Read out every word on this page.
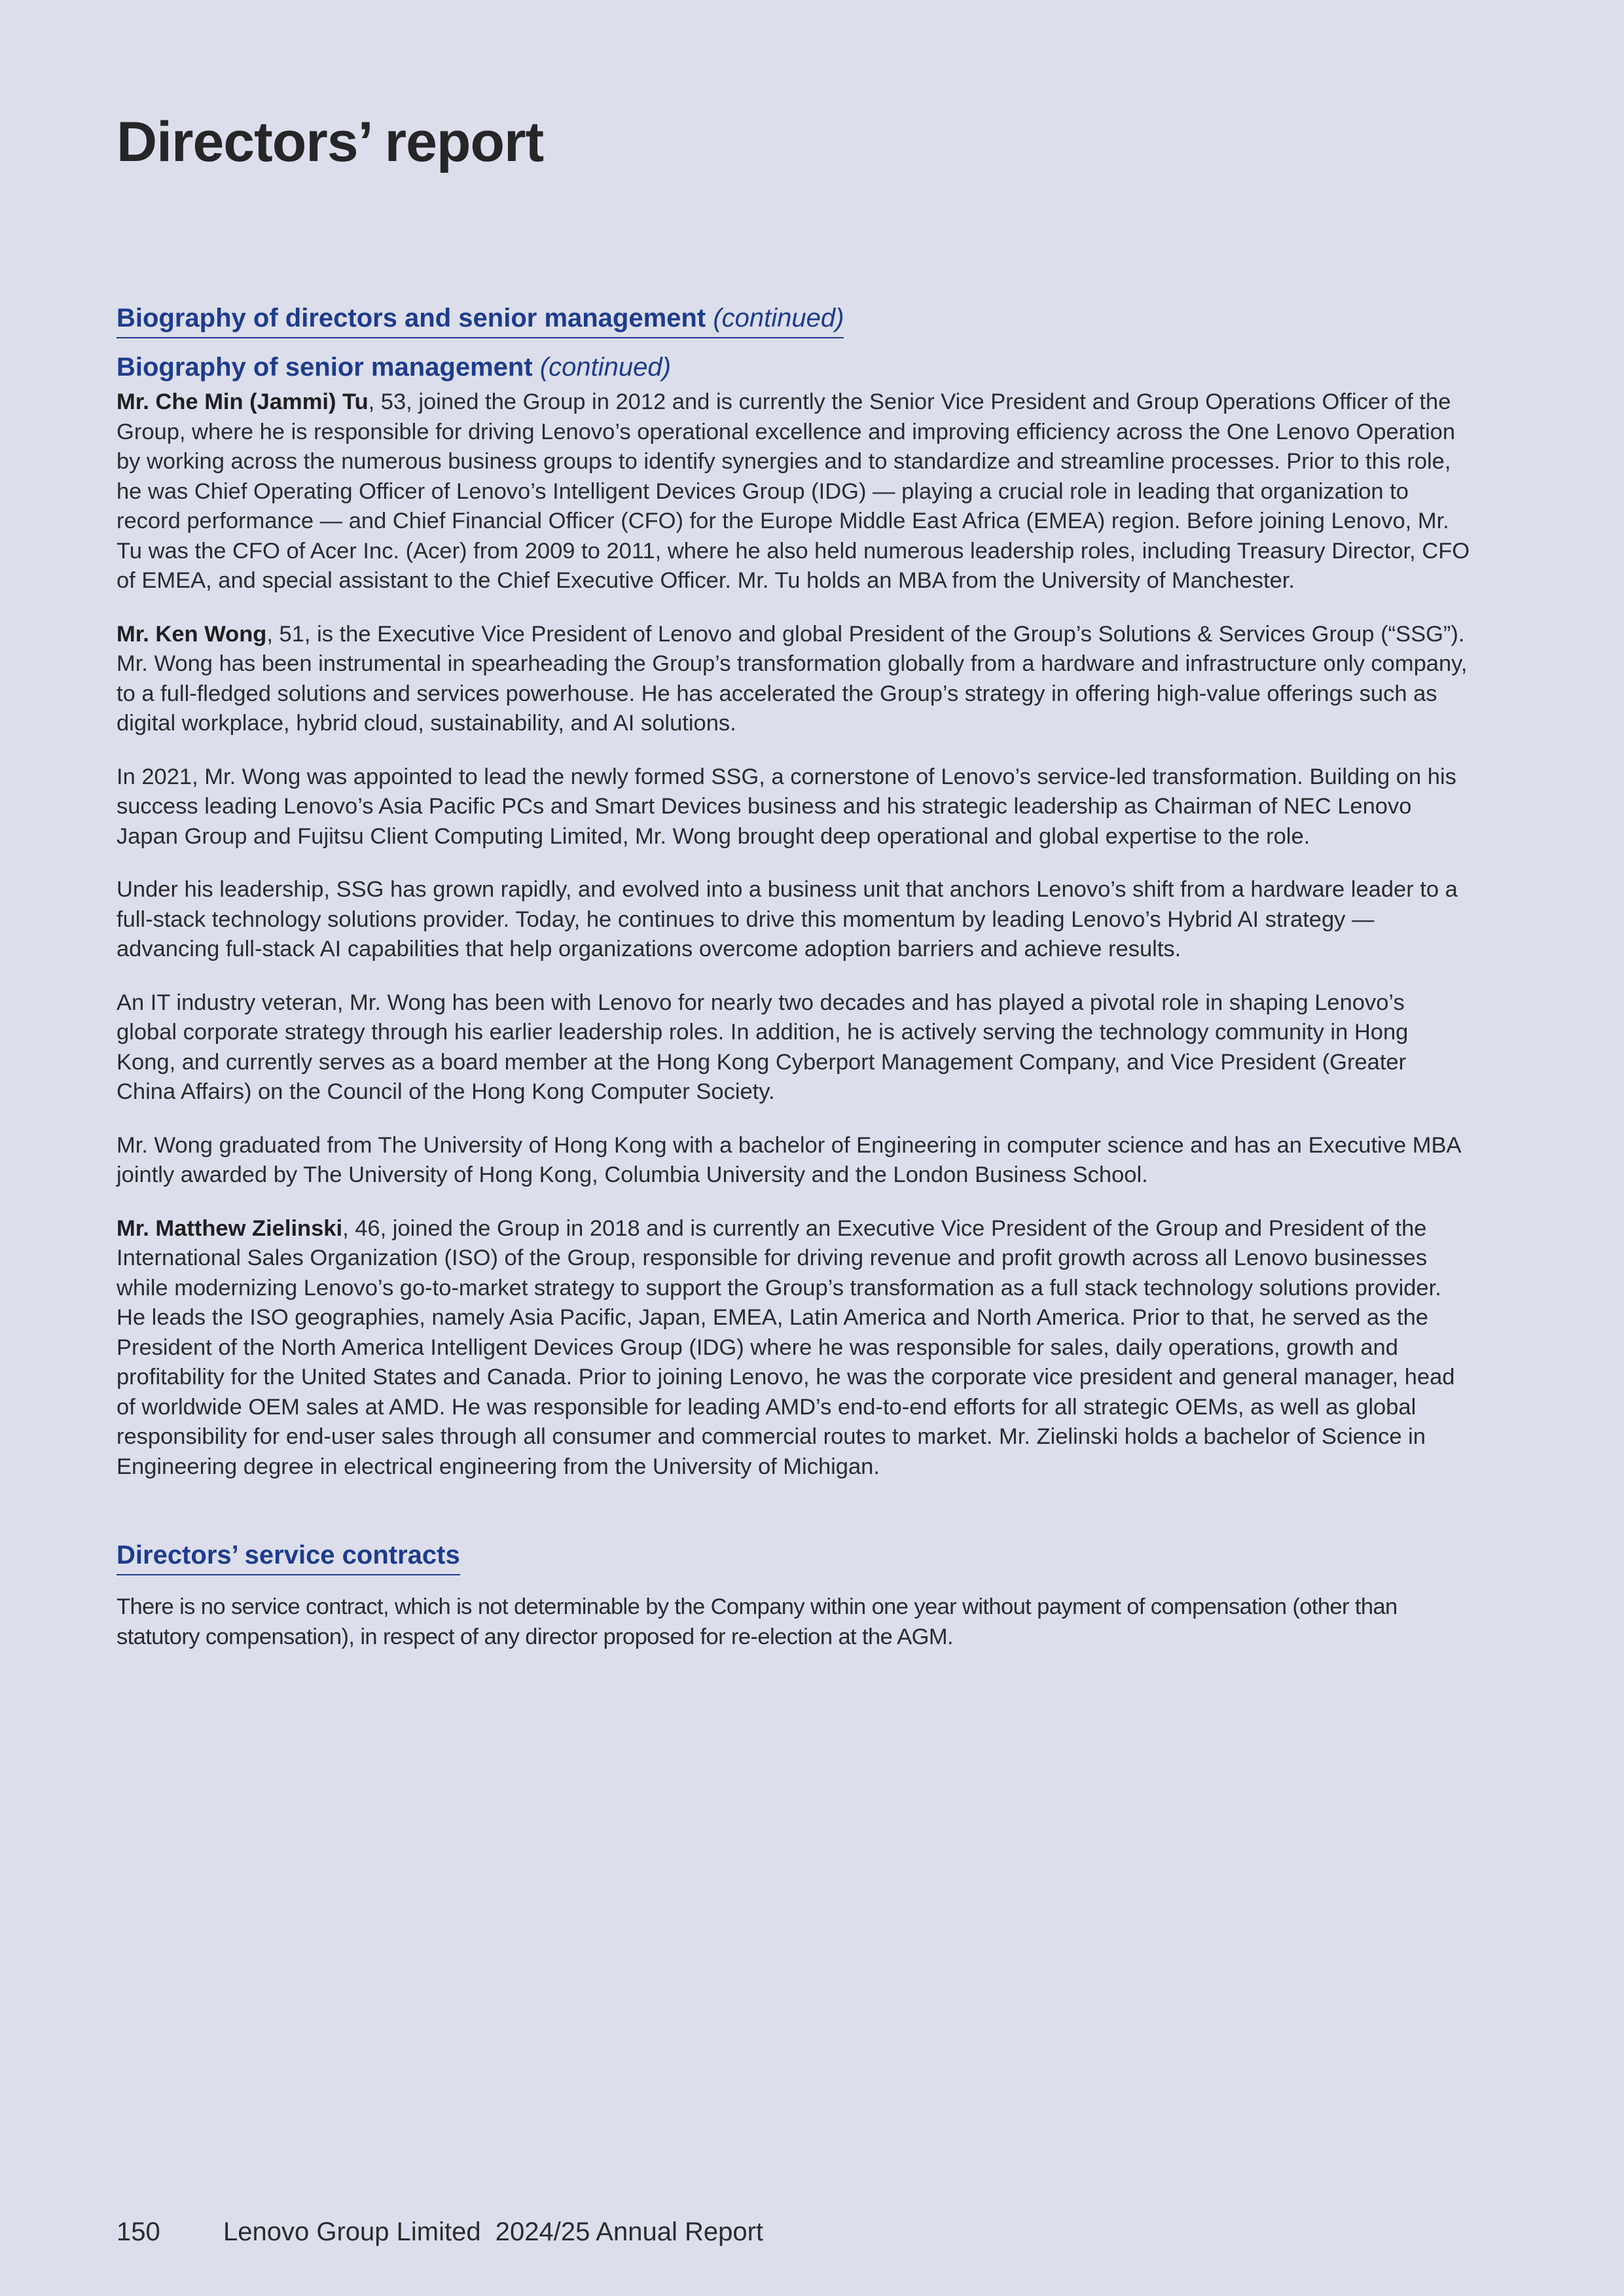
Directors’ report
Biography of directors and senior management (continued)
Biography of senior management (continued)

Mr. Che Min (Jammi) Tu, 53, joined the Group in 2012 and is currently the Senior Vice President and Group Operations Officer of the Group, where he is responsible for driving Lenovo’s operational excellence and improving efficiency across the One Lenovo Operation by working across the numerous business groups to identify synergies and to standardize and streamline processes. Prior to this role, he was Chief Operating Officer of Lenovo’s Intelligent Devices Group (IDG) — playing a crucial role in leading that organization to record performance — and Chief Financial Officer (CFO) for the Europe Middle East Africa (EMEA) region. Before joining Lenovo, Mr. Tu was the CFO of Acer Inc. (Acer) from 2009 to 2011, where he also held numerous leadership roles, including Treasury Director, CFO of EMEA, and special assistant to the Chief Executive Officer. Mr. Tu holds an MBA from the University of Manchester.

Mr. Ken Wong, 51, is the Executive Vice President of Lenovo and global President of the Group’s Solutions & Services Group (“SSG”). Mr. Wong has been instrumental in spearheading the Group’s transformation globally from a hardware and infrastructure only company, to a full-fledged solutions and services powerhouse. He has accelerated the Group’s strategy in offering high-value offerings such as digital workplace, hybrid cloud, sustainability, and AI solutions.

In 2021, Mr. Wong was appointed to lead the newly formed SSG, a cornerstone of Lenovo’s service-led transformation. Building on his success leading Lenovo’s Asia Pacific PCs and Smart Devices business and his strategic leadership as Chairman of NEC Lenovo Japan Group and Fujitsu Client Computing Limited, Mr. Wong brought deep operational and global expertise to the role.

Under his leadership, SSG has grown rapidly, and evolved into a business unit that anchors Lenovo’s shift from a hardware leader to a full-stack technology solutions provider. Today, he continues to drive this momentum by leading Lenovo’s Hybrid AI strategy — advancing full-stack AI capabilities that help organizations overcome adoption barriers and achieve results.

An IT industry veteran, Mr. Wong has been with Lenovo for nearly two decades and has played a pivotal role in shaping Lenovo’s global corporate strategy through his earlier leadership roles. In addition, he is actively serving the technology community in Hong Kong, and currently serves as a board member at the Hong Kong Cyberport Management Company, and Vice President (Greater China Affairs) on the Council of the Hong Kong Computer Society.

Mr. Wong graduated from The University of Hong Kong with a bachelor of Engineering in computer science and has an Executive MBA jointly awarded by The University of Hong Kong, Columbia University and the London Business School.

Mr. Matthew Zielinski, 46, joined the Group in 2018 and is currently an Executive Vice President of the Group and President of the International Sales Organization (ISO) of the Group, responsible for driving revenue and profit growth across all Lenovo businesses while modernizing Lenovo’s go-to-market strategy to support the Group’s transformation as a full stack technology solutions provider. He leads the ISO geographies, namely Asia Pacific, Japan, EMEA, Latin America and North America. Prior to that, he served as the President of the North America Intelligent Devices Group (IDG) where he was responsible for sales, daily operations, growth and profitability for the United States and Canada. Prior to joining Lenovo, he was the corporate vice president and general manager, head of worldwide OEM sales at AMD. He was responsible for leading AMD’s end-to-end efforts for all strategic OEMs, as well as global responsibility for end-user sales through all consumer and commercial routes to market. Mr. Zielinski holds a bachelor of Science in Engineering degree in electrical engineering from the University of Michigan.

Directors’ service contracts

There is no service contract, which is not determinable by the Company within one year without payment of compensation (other than statutory compensation), in respect of any director proposed for re-election at the AGM.

150 Lenovo Group Limited  2024/25 Annual Report
